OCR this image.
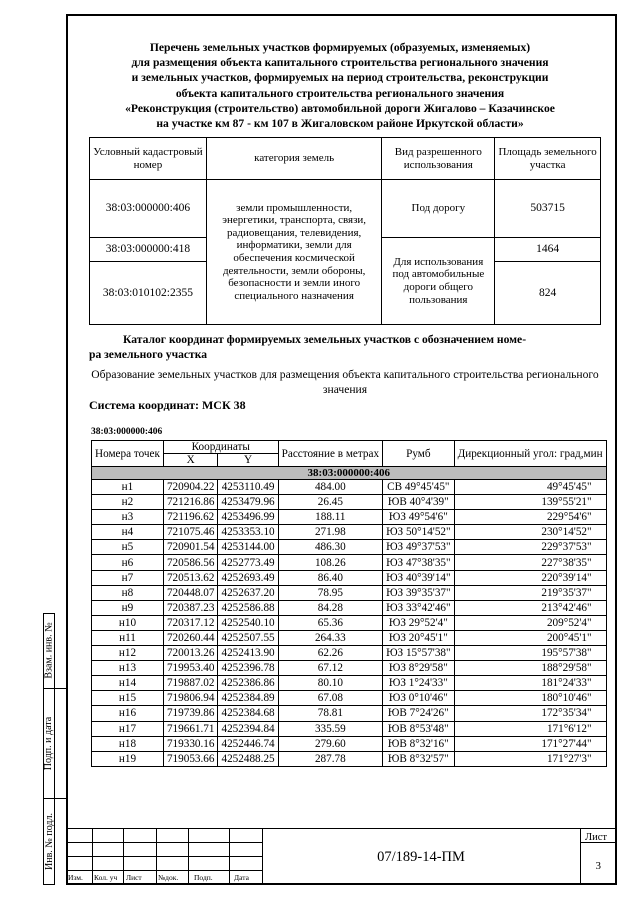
Перечень земельных участков формируемых (образуемых, изменяемых)
для размещения объекта капитального строительства регионального значения
и земельных участков, формируемых на период строительства, реконструкции
объекта капитального строительства регионального значения
«Реконструкция (строительство) автомобильной дороги Жигалово – Казачинское
на участке км 87 - км 107 в Жигаловском районе Иркутской области»
Условный кадастровый номер	категория земель	Вид разрешенного использования	Площадь земельного участка
38:03:000000:406	земли промышленности, энергетики, транспорта, связи, радиовещания, телевидения, информатики, земли для обеспечения космической деятельности, земли обороны, безопасности и земли иного специального назначения	Под дорогу	503715
38:03:000000:418		Для использования под автомобильные дороги общего пользования	1464
38:03:010102:2355			824
Каталог координат формируемых земельных участков с обозначением номе-
ра земельного участка
Образование земельных участков для размещения объекта капитального строительства регионального значения
Система координат: МСК 38
38:03:000000:406
Номера точек	Координаты		Расстояние в метрах	Румб	Дирекционный угол: град,мин
	X	Y			
38:03:000000:406					
н1	720904.22	4253110.49	484.00	СВ 49°45'45"	49°45'45"
н2	721216.86	4253479.96	26.45	ЮВ 40°4'39"	139°55'21"
н3	721196.62	4253496.99	188.11	ЮЗ 49°54'6"	229°54'6"
н4	721075.46	4253353.10	271.98	ЮЗ 50°14'52"	230°14'52"
н5	720901.54	4253144.00	486.30	ЮЗ 49°37'53"	229°37'53"
н6	720586.56	4252773.49	108.26	ЮЗ 47°38'35"	227°38'35"
н7	720513.62	4252693.49	86.40	ЮЗ 40°39'14"	220°39'14"
н8	720448.07	4252637.20	78.95	ЮЗ 39°35'37"	219°35'37"
н9	720387.23	4252586.88	84.28	ЮЗ 33°42'46"	213°42'46"
н10	720317.12	4252540.10	65.36	ЮЗ 29°52'4"	209°52'4"
н11	720260.44	4252507.55	264.33	ЮЗ 20°45'1"	200°45'1"
н12	720013.26	4252413.90	62.26	ЮЗ 15°57'38"	195°57'38"
н13	719953.40	4252396.78	67.12	ЮЗ 8°29'58"	188°29'58"
н14	719887.02	4252386.86	80.10	ЮЗ 1°24'33"	181°24'33"
н15	719806.94	4252384.89	67.08	ЮЗ 0°10'46"	180°10'46"
н16	719739.86	4252384.68	78.81	ЮВ 7°24'26"	172°35'34"
н17	719661.71	4252394.84	335.59	ЮВ 8°53'48"	171°6'12"
н18	719330.16	4252446.74	279.60	ЮВ 8°32'16"	171°27'44"
н19	719053.66	4252488.25	287.78	ЮВ 8°32'57"	171°27'3"
Взам. инв. №
Подп. и дата
Инв. № подл.
Изм. Кол. уч Лист №док. Подп.	Дата
07/189-14-ПМ
Лист
3
